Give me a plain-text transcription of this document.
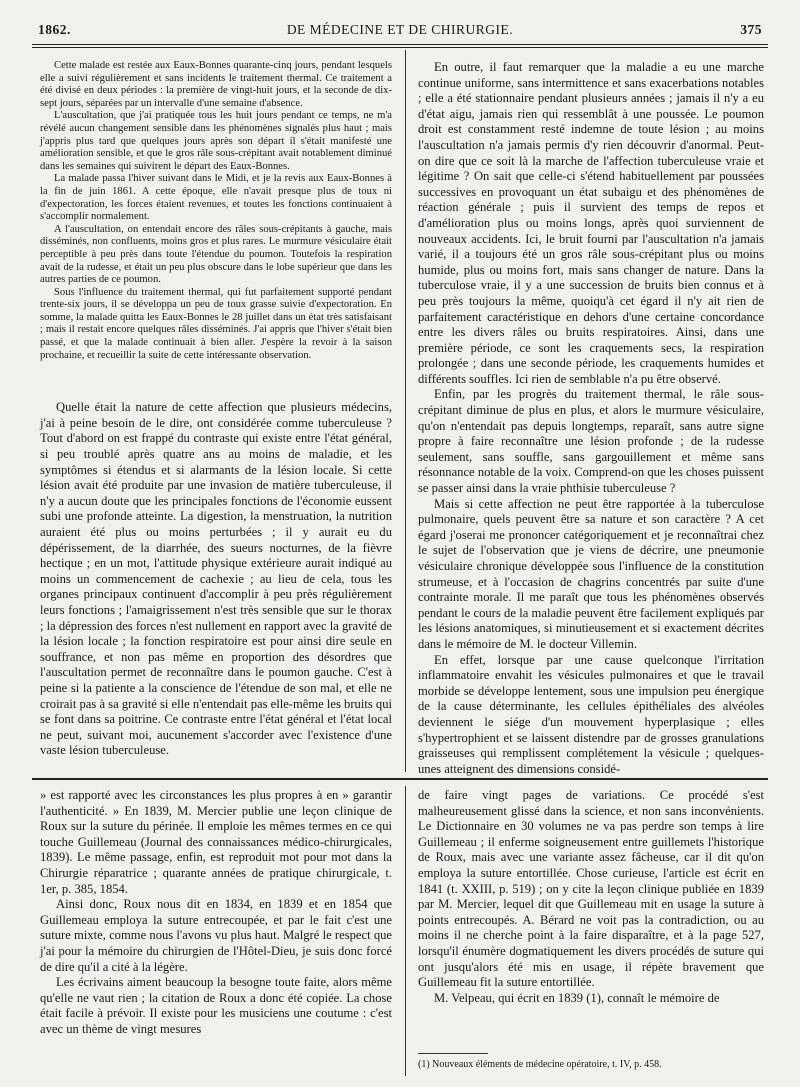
1862.	DE MÉDECINE ET DE CHIRURGIE.	375

Cette malade est restée aux Eaux-Bonnes quarante-cinq jours, pendant lesquels elle a suivi régulièrement et sans incidents le traitement thermal. Ce traitement a été divisé en deux périodes : la première de vingt-huit jours, et la seconde de dix-sept jours, séparées par un intervalle d'une semaine d'absence.

L'auscultation, que j'ai pratiquée tous les huit jours pendant ce temps, ne m'a révélé aucun changement sensible dans les phénomènes signalés plus haut ; mais j'appris plus tard que quelques jours après son départ il s'était manifesté une amélioration sensible, et que le gros râle sous-crépitant avait notablement diminué dans les semaines qui suivirent le départ des Eaux-Bonnes.

La malade passa l'hiver suivant dans le Midi, et je la revis aux Eaux-Bonnes à la fin de juin 1861. A cette époque, elle n'avait presque plus de toux ni d'expectoration, les forces étaient revenues, et toutes les fonctions continuaient à s'accomplir normalement.

A l'auscultation, on entendait encore des râles sous-crépitants à gauche, mais disséminés, non confluents, moins gros et plus rares. Le murmure vésiculaire était perceptible à peu près dans toute l'étendue du poumon. Toutefois la respiration avait de la rudesse, et était un peu plus obscure dans le lobe supérieur que dans les autres parties de ce poumon.

Sous l'influence du traitement thermal, qui fut parfaitement supporté pendant trente-six jours, il se développa un peu de toux grasse suivie d'expectoration. En somme, la malade quitta les Eaux-Bonnes le 28 juillet dans un état très satisfaisant ; mais il restait encore quelques râles disséminés. J'ai appris que l'hiver s'était bien passé, et que la malade continuait à bien aller. J'espère la revoir à la saison prochaine, et recueillir la suite de cette intéressante observation.

Quelle était la nature de cette affection que plusieurs médecins, j'ai à peine besoin de le dire, ont considérée comme tuberculeuse ? Tout d'abord on est frappé du contraste qui existe entre l'état général, si peu troublé après quatre ans au moins de maladie, et les symptômes si étendus et si alarmants de la lésion locale. Si cette lésion avait été produite par une invasion de matière tuberculeuse, il n'y a aucun doute que les principales fonctions de l'économie eussent subi une profonde atteinte. La digestion, la menstruation, la nutrition auraient été plus ou moins perturbées ; il y aurait eu du dépérissement, de la diarrhée, des sueurs nocturnes, de la fièvre hectique ; en un mot, l'attitude physique extérieure aurait indiqué au moins un commencement de cachexie ; au lieu de cela, tous les organes principaux continuent d'accomplir à peu près régulièrement leurs fonctions ; l'amaigrissement n'est très sensible que sur le thorax ; la dépression des forces n'est nullement en rapport avec la gravité de la lésion locale ; la fonction respiratoire est pour ainsi dire seule en souffrance, et non pas même en proportion des désordres que l'auscultation permet de reconnaître dans le poumon gauche. C'est à peine si la patiente a la conscience de l'étendue de son mal, et elle ne croirait pas à sa gravité si elle n'entendait pas elle-même les bruits qui se font dans sa poitrine. Ce contraste entre l'état général et l'état local ne peut, suivant moi, aucunement s'accorder avec l'existence d'une vaste lésion tuberculeuse.

En outre, il faut remarquer que la maladie a eu une marche continue uniforme, sans intermittence et sans exacerbations notables ; elle a été stationnaire pendant plusieurs années ; jamais il n'y a eu d'état aigu, jamais rien qui ressemblât à une poussée. Le poumon droit est constamment resté indemne de toute lésion ; au moins l'auscultation n'a jamais permis d'y rien découvrir d'anormal. Peut-on dire que ce soit là la marche de l'affection tuberculeuse vraie et légitime ? On sait que celle-ci s'étend habituellement par poussées successives en provoquant un état subaigu et des phénomènes de réaction générale ; puis il survient des temps de repos et d'amélioration plus ou moins longs, après quoi surviennent de nouveaux accidents. Ici, le bruit fourni par l'auscultation n'a jamais varié, il a toujours été un gros râle sous-crépitant plus ou moins humide, plus ou moins fort, mais sans changer de nature. Dans la tuberculose vraie, il y a une succession de bruits bien connus et à peu près toujours la même, quoiqu'à cet égard il n'y ait rien de parfaitement caractéristique en dehors d'une certaine concordance entre les divers râles ou bruits respiratoires. Ainsi, dans une première période, ce sont les craquements secs, la respiration prolongée ; dans une seconde période, les craquements humides et différents souffles. Ici rien de semblable n'a pu être observé.

Enfin, par les progrès du traitement thermal, le râle sous-crépitant diminue de plus en plus, et alors le murmure vésiculaire, qu'on n'entendait pas depuis longtemps, reparaît, sans autre signe propre à faire reconnaître une lésion profonde ; de la rudesse seulement, sans souffle, sans gargouillement et même sans résonnance notable de la voix. Comprend-on que les choses puissent se passer ainsi dans la vraie phthisie tuberculeuse ?

Mais si cette affection ne peut être rapportée à la tuberculose pulmonaire, quels peuvent être sa nature et son caractère ? A cet égard j'oserai me prononcer catégoriquement et je reconnaîtrai chez le sujet de l'observation que je viens de décrire, une pneumonie vésiculaire chronique développée sous l'influence de la constitution strumeuse, et à l'occasion de chagrins concentrés par suite d'une contrainte morale. Il me paraît que tous les phénomènes observés pendant le cours de la maladie peuvent être facilement expliqués par les lésions anatomiques, si minutieusement et si exactement décrites dans le mémoire de M. le docteur Villemin.

En effet, lorsque par une cause quelconque l'irritation inflammatoire envahit les vésicules pulmonaires et que le travail morbide se développe lentement, sous une impulsion peu énergique de la cause déterminante, les cellules épithéliales des alvéoles deviennent le siége d'un mouvement hyperplasique ; elles s'hypertrophient et se laissent distendre par de grosses granulations graisseuses qui remplissent complétement la vésicule ; quelques-unes atteignent des dimensions considé-

» est rapporté avec les circonstances les plus propres à en » garantir l'authenticité. » En 1839, M. Mercier publie une leçon clinique de Roux sur la suture du périnée. Il emploie les mêmes termes en ce qui touche Guillemeau (Journal des connaissances médico-chirurgicales, 1839). Le même passage, enfin, est reproduit mot pour mot dans la Chirurgie réparatrice ; quarante années de pratique chirurgicale, t. 1er, p. 385, 1854.

Ainsi donc, Roux nous dit en 1834, en 1839 et en 1854 que Guillemeau employa la suture entrecoupée, et par le fait c'est une suture mixte, comme nous l'avons vu plus haut. Malgré le respect que j'ai pour la mémoire du chirurgien de l'Hôtel-Dieu, je suis donc forcé de dire qu'il a cité à la légère.

Les écrivains aiment beaucoup la besogne toute faite, alors même qu'elle ne vaut rien ; la citation de Roux a donc été copiée. La chose était facile à prévoir. Il existe pour les musiciens une coutume : c'est avec un thème de vingt mesures

de faire vingt pages de variations. Ce procédé s'est malheureusement glissé dans la science, et non sans inconvénients. Le Dictionnaire en 30 volumes ne va pas perdre son temps à lire Guillemeau ; il enferme soigneusement entre guillemets l'historique de Roux, mais avec une variante assez fâcheuse, car il dit qu'on employa la suture entortillée. Chose curieuse, l'article est écrit en 1841 (t. XXIII, p. 519) ; on y cite la leçon clinique publiée en 1839 par M. Mercier, lequel dit que Guillemeau mit en usage la suture à points entrecoupés. A. Bérard ne voit pas la contradiction, ou au moins il ne cherche point à la faire disparaître, et à la page 527, lorsqu'il énumère dogmatiquement les divers procédés de suture qui ont jusqu'alors été mis en usage, il répète bravement que Guillemeau fit la suture entortillée.

M. Velpeau, qui écrit en 1839 (1), connaît le mémoire de

(1) Nouveaux éléments de médecine opératoire, t. IV, p. 458.
